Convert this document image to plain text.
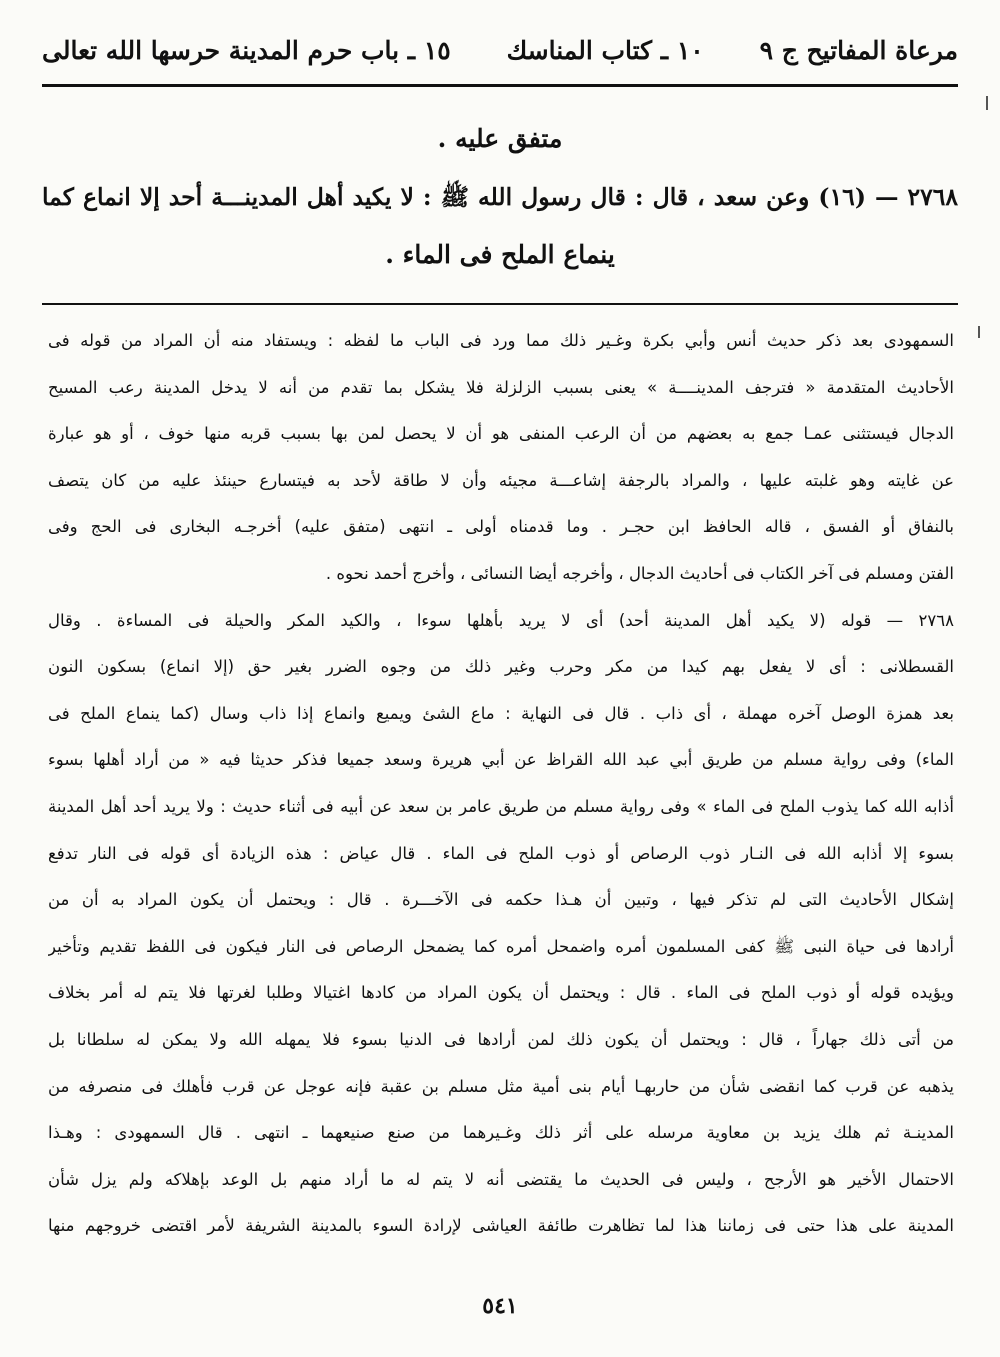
مرعاة المفاتيح ج ٩
١٠ ـ كتاب المناسك
١٥ ـ باب حرم المدينة حرسها الله تعالى
متفق عليه .
٢٧٦٨ — (١٦) وعن سعد ، قال : قال رسول الله ﷺ : لا يكيد أهل المدينـــة أحد إلا انماع كما
ينماع الملح فى الماء .
السمهودى بعد ذكر حديث أنس وأبي بكرة وغـير ذلك مما ورد فى الباب ما لفظه : ويستفاد منه أن المراد من قوله فى
الأحاديث المتقدمة « فترجف المدينــــة » يعنى بسبب الزلزلة فلا يشكل بما تقدم من أنه لا يدخل المدينة رعب المسيح
الدجال فيستثنى عمـا جمع به بعضهم من أن الرعب المنفى هو أن لا يحصل لمن بها بسبب قربه منها خوف ، أو هو عبارة
عن غايته وهو غلبته عليها ، والمراد بالرجفة إشاعـــة مجيئه وأن لا طاقة لأحد به فيتسارع حينئذ عليه من كان يتصف
بالنفاق أو الفسق ، قاله الحافظ ابن حجـر . وما قدمناه أولى ـ انتهى (متفق عليه) أخرجـه البخارى فى الحج وفى
الفتن ومسلم فى آخر الكتاب فى أحاديث الدجال ، وأخرجه أيضا النسائى ، وأخرج أحمد نحوه .
٢٧٦٨ — قوله (لا يكيد أهل المدينة أحد) أى لا يريد بأهلها سوءا ، والكيد المكر والحيلة فى المساءة . وقال
القسطلانى : أى لا يفعل بهم كيدا من مكر وحرب وغير ذلك من وجوه الضرر بغير حق (إلا انماع) بسكون النون
بعد همزة الوصل آخره مهملة ، أى ذاب . قال فى النهاية : ماع الشئ ويميع وانماع إذا ذاب وسال (كما ينماع الملح فى
الماء) وفى رواية مسلم من طريق أبي عبد الله القراظ عن أبي هريرة وسعد جميعا فذكر حديثا فيه « من أراد أهلها بسوء
أذابه الله كما يذوب الملح فى الماء » وفى رواية مسلم من طريق عامر بن سعد عن أبيه فى أثناء حديث : ولا يريد أحد أهل المدينة
بسوء إلا أذابه الله فى النـار ذوب الرصاص أو ذوب الملح فى الماء . قال عياض : هذه الزيادة أى قوله فى النار تدفع
إشكال الأحاديث التى لم تذكر فيها ، وتبين أن هـذا حكمه فى الآخـــرة . قال : ويحتمل أن يكون المراد به أن من
أرادها فى حياة النبى ﷺ كفى المسلمون أمره واضمحل أمره كما يضمحل الرصاص فى النار فيكون فى اللفظ تقديم وتأخير
ويؤيده قوله أو ذوب الملح فى الماء . قال : ويحتمل أن يكون المراد من كادها اغتيالا وطلبا لغرتها فلا يتم له أمر بخلاف
من أتى ذلك جهاراً ، قال : ويحتمل أن يكون ذلك لمن أرادها فى الدنيا بسوء فلا يمهله الله ولا يمكن له سلطانا بل
يذهبه عن قرب كما انقضى شأن من حاربهـا أيام بنى أمية مثل مسلم بن عقبة فإنه عوجل عن قرب فأهلك فى منصرفه من
المدينـة ثم هلك يزيد بن معاوية مرسله على أثر ذلك وغـيرهما من صنع صنيعهما ـ انتهى . قال السمهودى : وهـذا
الاحتمال الأخير هو الأرجح ، وليس فى الحديث ما يقتضى أنه لا يتم له ما أراد منهم بل الوعد بإهلاكه ولم يزل شأن
المدينة على هذا حتى فى زماننا هذا لما تظاهرت طائفة العياشى لإرادة السوء بالمدينة الشريفة لأمر اقتضى خروجهم منها
٥٤١
